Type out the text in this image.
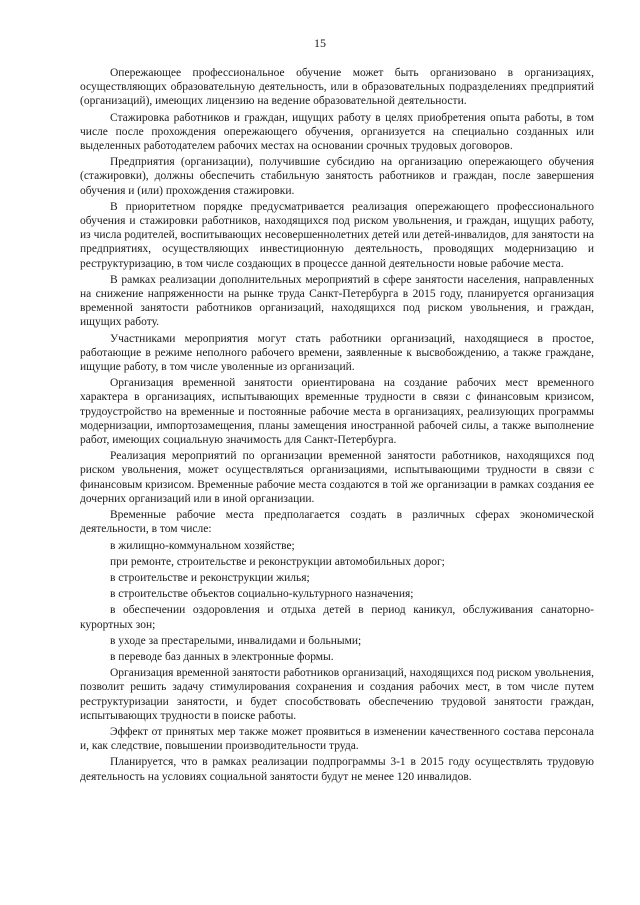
15

Опережающее профессиональное обучение может быть организовано в организациях, осуществляющих образовательную деятельность, или в образовательных подразделениях предприятий (организаций), имеющих лицензию на ведение образовательной деятельности.

Стажировка работников и граждан, ищущих работу в целях приобретения опыта работы, в том числе после прохождения опережающего обучения, организуется на специально созданных или выделенных работодателем рабочих местах на основании срочных трудовых договоров.

Предприятия (организации), получившие субсидию на организацию опережающего обучения (стажировки), должны обеспечить стабильную занятость работников и граждан, после завершения обучения и (или) прохождения стажировки.

В приоритетном порядке предусматривается реализация опережающего профессионального обучения и стажировки работников, находящихся под риском увольнения, и граждан, ищущих работу, из числа родителей, воспитывающих несовершеннолетних детей или детей-инвалидов, для занятости на предприятиях, осуществляющих инвестиционную деятельность, проводящих модернизацию и реструктуризацию, в том числе создающих в процессе данной деятельности новые рабочие места.

В рамках реализации дополнительных мероприятий в сфере занятости населения, направленных на снижение напряженности на рынке труда Санкт-Петербурга в 2015 году, планируется организация временной занятости работников организаций, находящихся под риском увольнения, и граждан, ищущих работу.

Участниками мероприятия могут стать работники организаций, находящиеся в простое, работающие в режиме неполного рабочего времени, заявленные к высвобождению, а также граждане, ищущие работу, в том числе уволенные из организаций.

Организация временной занятости ориентирована на создание рабочих мест временного характера в организациях, испытывающих временные трудности в связи с финансовым кризисом, трудоустройство на временные и постоянные рабочие места в организациях, реализующих программы модернизации, импортозамещения, планы замещения иностранной рабочей силы, а также выполнение работ, имеющих социальную значимость для Санкт-Петербурга.

Реализация мероприятий по организации временной занятости работников, находящихся под риском увольнения, может осуществляться организациями, испытывающими трудности в связи с финансовым кризисом. Временные рабочие места создаются в той же организации в рамках создания ее дочерних организаций или в иной организации.

Временные рабочие места предполагается создать в различных сферах экономической деятельности, в том числе:

в жилищно-коммунальном хозяйстве;

при ремонте, строительстве и реконструкции автомобильных дорог;

в строительстве и реконструкции жилья;

в строительстве объектов социально-культурного назначения;

в обеспечении оздоровления и отдыха детей в период каникул, обслуживания санаторно-курортных зон;

в уходе за престарелыми, инвалидами и больными;

в переводе баз данных в электронные формы.

Организация временной занятости работников организаций, находящихся под риском увольнения, позволит решить задачу стимулирования сохранения и создания рабочих мест, в том числе путем реструктуризации занятости, и будет способствовать обеспечению трудовой занятости граждан, испытывающих трудности в поиске работы.

Эффект от принятых мер также может проявиться в изменении качественного состава персонала и, как следствие, повышении производительности труда.

Планируется, что в рамках реализации подпрограммы 3-1 в 2015 году осуществлять трудовую деятельность на условиях социальной занятости будут не менее 120 инвалидов.
